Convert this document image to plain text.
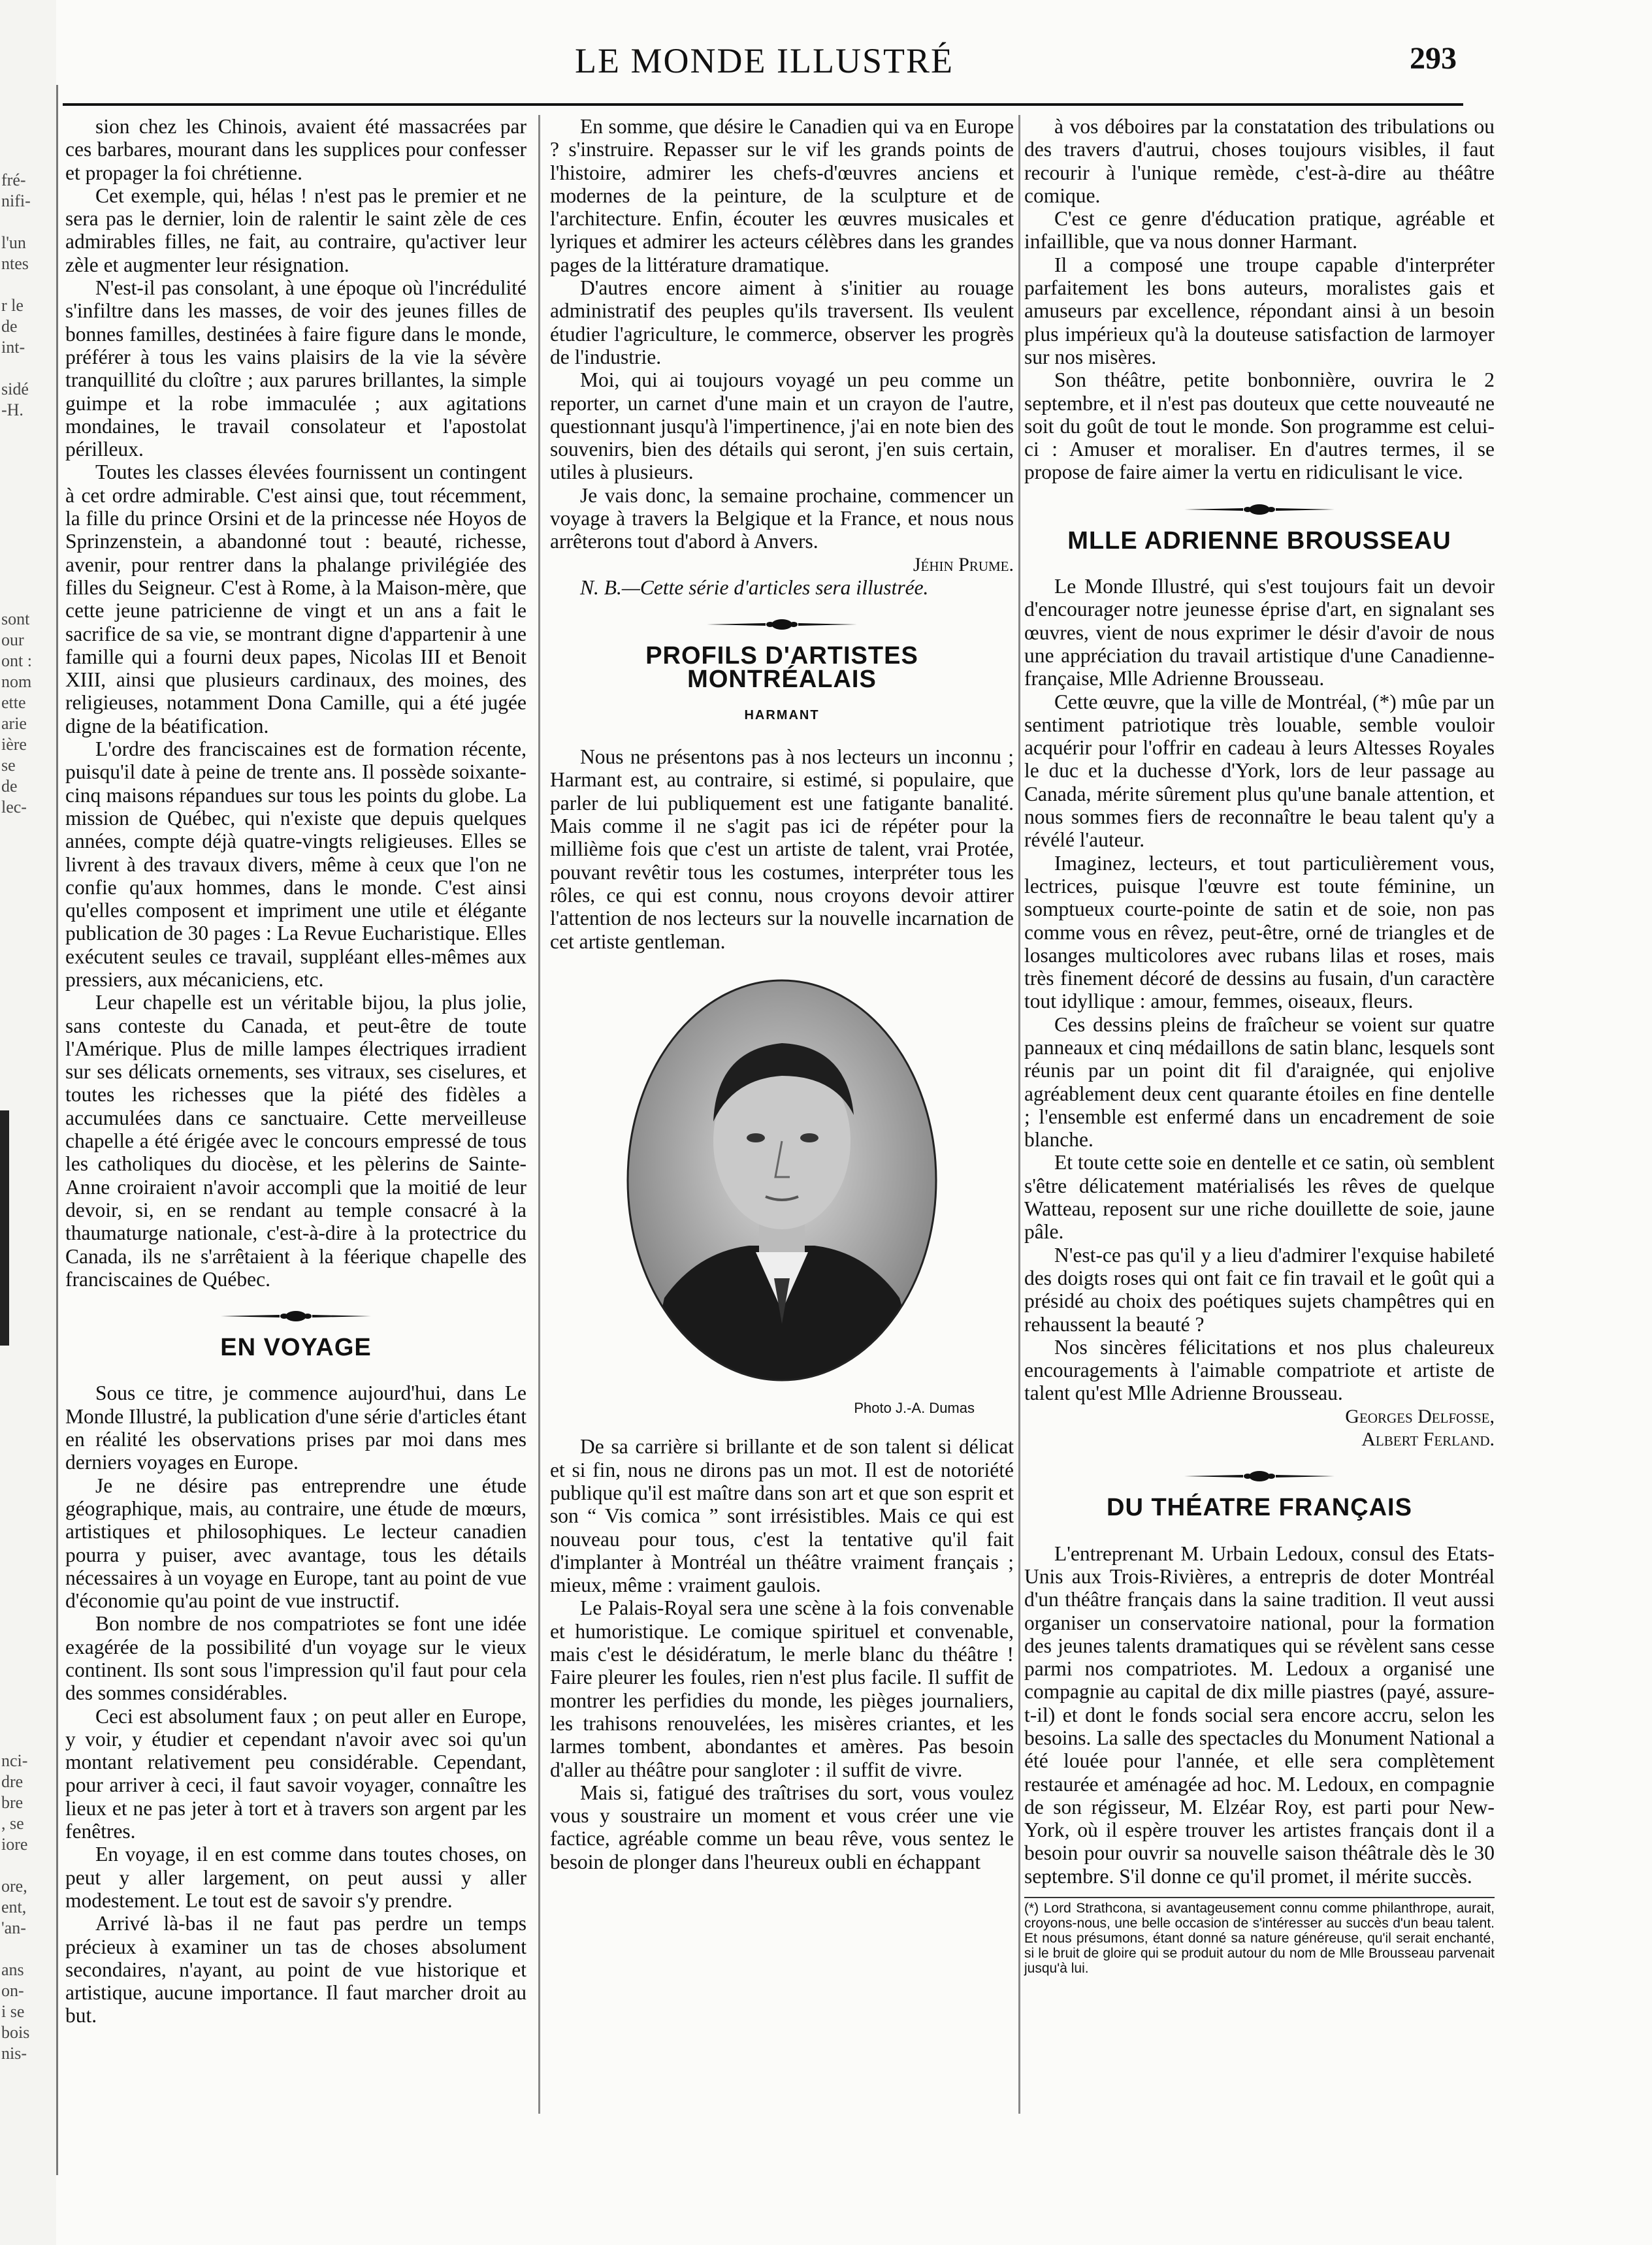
fré-
nifi-

l'un
ntes

r le
de
int-

sidé
-H.

sont
our
ont :
nom
ette
arie
ière
se
de
lec-
nci-
dre
bre
, se
iore

ore,
ent,
'an-

ans
on-
i se
bois
nis-
LE MONDE ILLUSTRÉ	293

sion chez les Chinois, avaient été massacrées par ces barbares, mourant dans les supplices pour confesser et propager la foi chrétienne.

Cet exemple, qui, hélas ! n'est pas le premier et ne sera pas le dernier, loin de ralentir le saint zèle de ces admirables filles, ne fait, au contraire, qu'activer leur zèle et augmenter leur résignation.

N'est-il pas consolant, à une époque où l'incrédulité s'infiltre dans les masses, de voir des jeunes filles de bonnes familles, destinées à faire figure dans le monde, préférer à tous les vains plaisirs de la vie la sévère tranquillité du cloître ; aux parures brillantes, la simple guimpe et la robe immaculée ; aux agitations mondaines, le travail consolateur et l'apostolat périlleux.

Toutes les classes élevées fournissent un contingent à cet ordre admirable. C'est ainsi que, tout récemment, la fille du prince Orsini et de la princesse née Hoyos de Sprinzenstein, a abandonné tout : beauté, richesse, avenir, pour rentrer dans la phalange privilégiée des filles du Seigneur. C'est à Rome, à la Maison-mère, que cette jeune patricienne de vingt et un ans a fait le sacrifice de sa vie, se montrant digne d'appartenir à une famille qui a fourni deux papes, Nicolas III et Benoit XIII, ainsi que plusieurs cardinaux, des moines, des religieuses, notamment Dona Camille, qui a été jugée digne de la béatification.

L'ordre des franciscaines est de formation récente, puisqu'il date à peine de trente ans. Il possède soixante-cinq maisons répandues sur tous les points du globe. La mission de Québec, qui n'existe que depuis quelques années, compte déjà quatre-vingts religieuses. Elles se livrent à des travaux divers, même à ceux que l'on ne confie qu'aux hommes, dans le monde. C'est ainsi qu'elles composent et impriment une utile et élégante publication de 30 pages : La Revue Eucharistique. Elles exécutent seules ce travail, suppléant elles-mêmes aux pressiers, aux mécaniciens, etc.

Leur chapelle est un véritable bijou, la plus jolie, sans conteste du Canada, et peut-être de toute l'Amérique. Plus de mille lampes électriques irradient sur ses délicats ornements, ses vitraux, ses ciselures, et toutes les richesses que la piété des fidèles a accumulées dans ce sanctuaire. Cette merveilleuse chapelle a été érigée avec le concours empressé de tous les catholiques du diocèse, et les pèlerins de Sainte-Anne croiraient n'avoir accompli que la moitié de leur devoir, si, en se rendant au temple consacré à la thaumaturge nationale, c'est-à-dire à la protectrice du Canada, ils ne s'arrêtaient à la féerique chapelle des franciscaines de Québec.

EN VOYAGE

Sous ce titre, je commence aujourd'hui, dans Le Monde Illustré, la publication d'une série d'articles étant en réalité les observations prises par moi dans mes derniers voyages en Europe.

Je ne désire pas entreprendre une étude géographique, mais, au contraire, une étude de mœurs, artistiques et philosophiques. Le lecteur canadien pourra y puiser, avec avantage, tous les détails nécessaires à un voyage en Europe, tant au point de vue d'économie qu'au point de vue instructif.

Bon nombre de nos compatriotes se font une idée exagérée de la possibilité d'un voyage sur le vieux continent. Ils sont sous l'impression qu'il faut pour cela des sommes considérables.

Ceci est absolument faux ; on peut aller en Europe, y voir, y étudier et cependant n'avoir avec soi qu'un montant relativement peu considérable. Cependant, pour arriver à ceci, il faut savoir voyager, connaître les lieux et ne pas jeter à tort et à travers son argent par les fenêtres.

En voyage, il en est comme dans toutes choses, on peut y aller largement, on peut aussi y aller modestement. Le tout est de savoir s'y prendre.

Arrivé là-bas il ne faut pas perdre un temps précieux à examiner un tas de choses absolument secondaires, n'ayant, au point de vue historique et artistique, aucune importance. Il faut marcher droit au but.

En somme, que désire le Canadien qui va en Europe ? s'instruire. Repasser sur le vif les grands points de l'histoire, admirer les chefs-d'œuvres anciens et modernes de la peinture, de la sculpture et de l'architecture. Enfin, écouter les œuvres musicales et lyriques et admirer les acteurs célèbres dans les grandes pages de la littérature dramatique.

D'autres encore aiment à s'initier au rouage administratif des peuples qu'ils traversent. Ils veulent étudier l'agriculture, le commerce, observer les progrès de l'industrie.

Moi, qui ai toujours voyagé un peu comme un reporter, un carnet d'une main et un crayon de l'autre, questionnant jusqu'à l'impertinence, j'ai en note bien des souvenirs, bien des détails qui seront, j'en suis certain, utiles à plusieurs.

Je vais donc, la semaine prochaine, commencer un voyage à travers la Belgique et la France, et nous nous arrêterons tout d'abord à Anvers.

Jéhin Prume.

N. B.—Cette série d'articles sera illustrée.

PROFILS D'ARTISTES MONTRÉALAIS
HARMANT

Nous ne présentons pas à nos lecteurs un inconnu ; Harmant est, au contraire, si estimé, si populaire, que parler de lui publiquement est une fatigante banalité. Mais comme il ne s'agit pas ici de répéter pour la millième fois que c'est un artiste de talent, vrai Protée, pouvant revêtir tous les costumes, interpréter tous les rôles, ce qui est connu, nous croyons devoir attirer l'attention de nos lecteurs sur la nouvelle incarnation de cet artiste gentleman.

Photo J.-A. Dumas

De sa carrière si brillante et de son talent si délicat et si fin, nous ne dirons pas un mot. Il est de notoriété publique qu'il est maître dans son art et que son esprit et son “ Vis comica ” sont irrésistibles. Mais ce qui est nouveau pour tous, c'est la tentative qu'il fait d'implanter à Montréal un théâtre vraiment français ; mieux, même : vraiment gaulois.

Le Palais-Royal sera une scène à la fois convenable et humoristique. Le comique spirituel et convenable, mais c'est le désidératum, le merle blanc du théâtre ! Faire pleurer les foules, rien n'est plus facile. Il suffit de montrer les perfidies du monde, les pièges journaliers, les trahisons renouvelées, les misères criantes, et les larmes tombent, abondantes et amères. Pas besoin d'aller au théâtre pour sangloter : il suffit de vivre.

Mais si, fatigué des traîtrises du sort, vous voulez vous y soustraire un moment et vous créer une vie factice, agréable comme un beau rêve, vous sentez le besoin de plonger dans l'heureux oubli en échappant

à vos déboires par la constatation des tribulations ou des travers d'autrui, choses toujours visibles, il faut recourir à l'unique remède, c'est-à-dire au théâtre comique.

C'est ce genre d'éducation pratique, agréable et infaillible, que va nous donner Harmant.

Il a composé une troupe capable d'interpréter parfaitement les bons auteurs, moralistes gais et amuseurs par excellence, répondant ainsi à un besoin plus impérieux qu'à la douteuse satisfaction de larmoyer sur nos misères.

Son théâtre, petite bonbonnière, ouvrira le 2 septembre, et il n'est pas douteux que cette nouveauté ne soit du goût de tout le monde. Son programme est celui-ci : Amuser et moraliser. En d'autres termes, il se propose de faire aimer la vertu en ridiculisant le vice.

MLLE ADRIENNE BROUSSEAU

Le Monde Illustré, qui s'est toujours fait un devoir d'encourager notre jeunesse éprise d'art, en signalant ses œuvres, vient de nous exprimer le désir d'avoir de nous une appréciation du travail artistique d'une Canadienne-française, Mlle Adrienne Brousseau.

Cette œuvre, que la ville de Montréal, (*) mûe par un sentiment patriotique très louable, semble vouloir acquérir pour l'offrir en cadeau à leurs Altesses Royales le duc et la duchesse d'York, lors de leur passage au Canada, mérite sûrement plus qu'une banale attention, et nous sommes fiers de reconnaître le beau talent qu'y a révélé l'auteur.

Imaginez, lecteurs, et tout particulièrement vous, lectrices, puisque l'œuvre est toute féminine, un somptueux courte-pointe de satin et de soie, non pas comme vous en rêvez, peut-être, orné de triangles et de losanges multicolores avec rubans lilas et roses, mais très finement décoré de dessins au fusain, d'un caractère tout idyllique : amour, femmes, oiseaux, fleurs.

Ces dessins pleins de fraîcheur se voient sur quatre panneaux et cinq médaillons de satin blanc, lesquels sont réunis par un point dit fil d'araignée, qui enjolive agréablement deux cent quarante étoiles en fine dentelle ; l'ensemble est enfermé dans un encadrement de soie blanche.

Et toute cette soie en dentelle et ce satin, où semblent s'être délicatement matérialisés les rêves de quelque Watteau, reposent sur une riche douillette de soie, jaune pâle.

N'est-ce pas qu'il y a lieu d'admirer l'exquise habileté des doigts roses qui ont fait ce fin travail et le goût qui a présidé au choix des poétiques sujets champêtres qui en rehaussent la beauté ?

Nos sincères félicitations et nos plus chaleureux encouragements à l'aimable compatriote et artiste de talent qu'est Mlle Adrienne Brousseau.

Georges Delfosse,

Albert Ferland.

DU THÉATRE FRANÇAIS

L'entreprenant M. Urbain Ledoux, consul des Etats-Unis aux Trois-Rivières, a entrepris de doter Montréal d'un théâtre français dans la saine tradition. Il veut aussi organiser un conservatoire national, pour la formation des jeunes talents dramatiques qui se révèlent sans cesse parmi nos compatriotes. M. Ledoux a organisé une compagnie au capital de dix mille piastres (payé, assure-t-il) et dont le fonds social sera encore accru, selon les besoins. La salle des spectacles du Monument National a été louée pour l'année, et elle sera complètement restaurée et aménagée ad hoc. M. Ledoux, en compagnie de son régisseur, M. Elzéar Roy, est parti pour New-York, où il espère trouver les artistes français dont il a besoin pour ouvrir sa nouvelle saison théâtrale dès le 30 septembre. S'il donne ce qu'il promet, il mérite succès.

(*) Lord Strathcona, si avantageusement connu comme philanthrope, aurait, croyons-nous, une belle occasion de s'intéresser au succès d'un beau talent. Et nous présumons, étant donné sa nature généreuse, qu'il serait enchanté, si le bruit de gloire qui se produit autour du nom de Mlle Brousseau parvenait jusqu'à lui.
